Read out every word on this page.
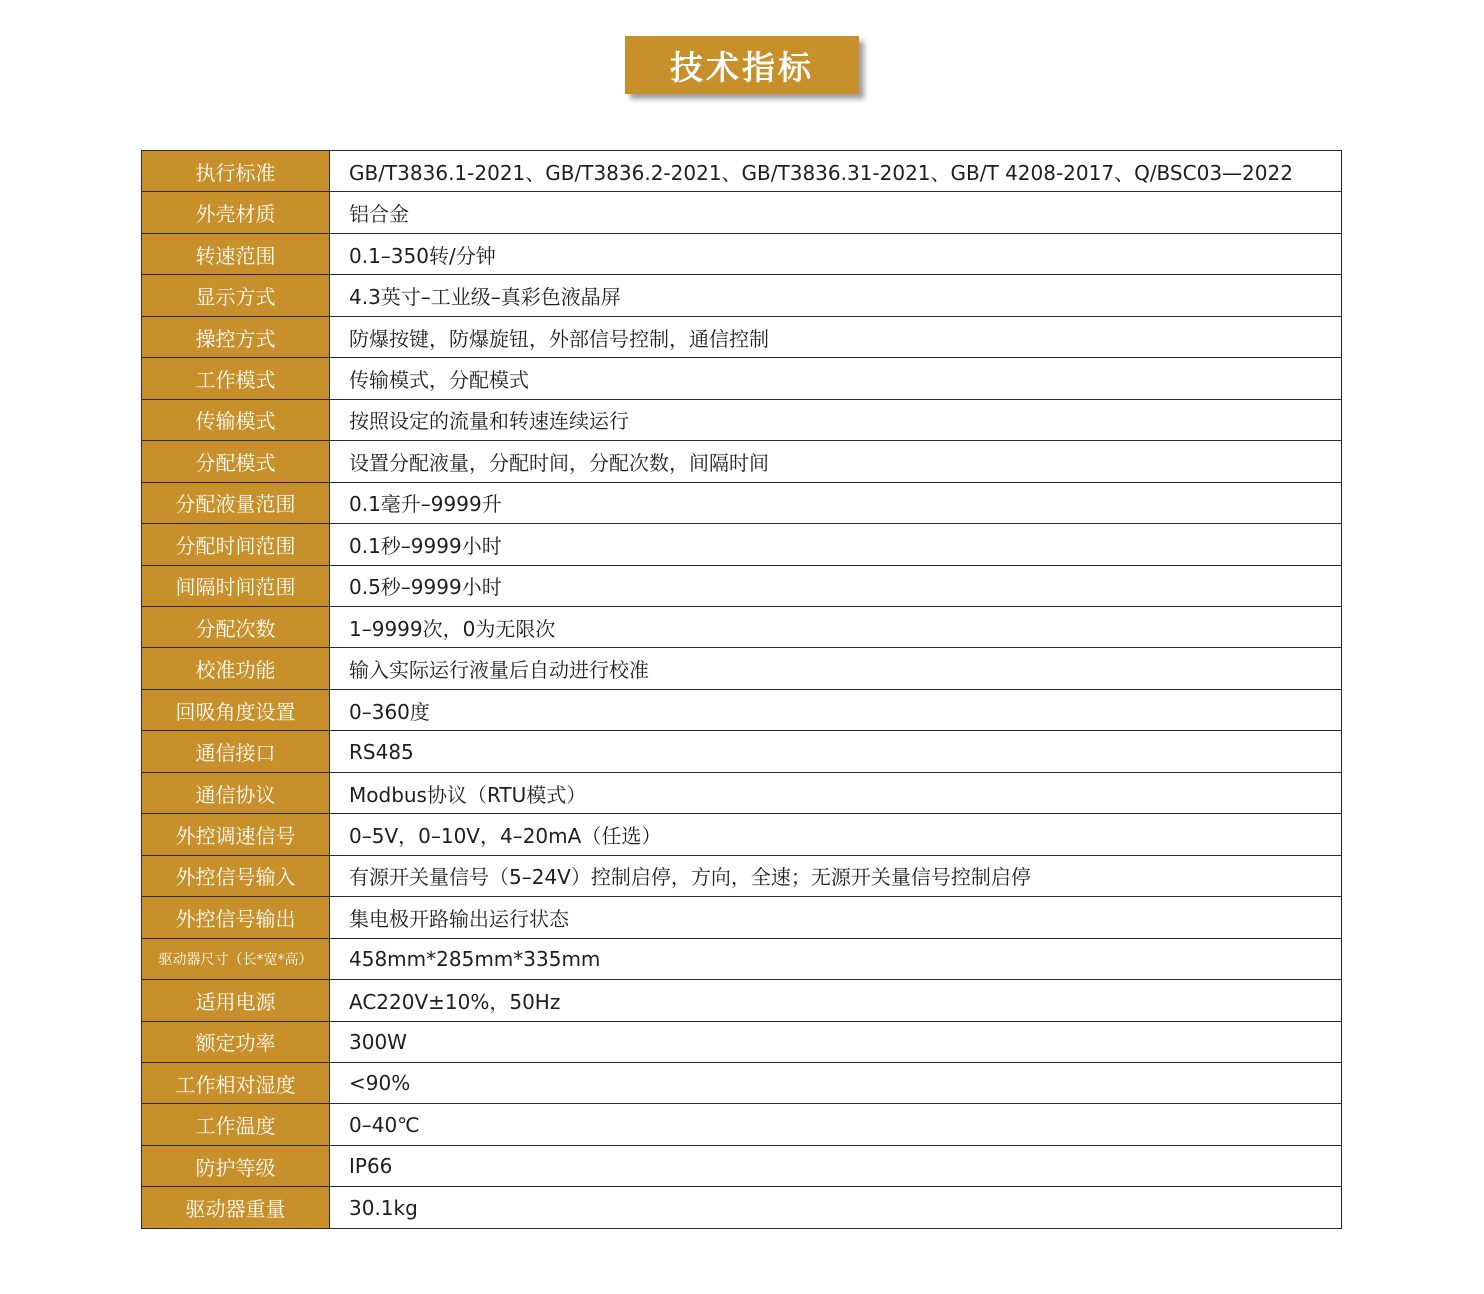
技术指标
执行标准	GB/T3836.1-2021、GB/T3836.2-2021、GB/T3836.31-2021、GB/T 4208-2017、Q/BSC03—2022
外壳材质	铝合金
转速范围	0.1–350转/分钟
显示方式	4.3英寸–工业级–真彩色液晶屏
操控方式	防爆按键，防爆旋钮，外部信号控制，通信控制
工作模式	传输模式，分配模式
传输模式	按照设定的流量和转速连续运行
分配模式	设置分配液量，分配时间，分配次数，间隔时间
分配液量范围	0.1毫升–9999升
分配时间范围	0.1秒–9999小时
间隔时间范围	0.5秒–9999小时
分配次数	1–9999次，0为无限次
校准功能	输入实际运行液量后自动进行校准
回吸角度设置	0–360度
通信接口	RS485
通信协议	Modbus协议（RTU模式）
外控调速信号	0–5V，0–10V，4–20mA（任选）
外控信号输入	有源开关量信号（5–24V）控制启停，方向，全速；无源开关量信号控制启停
外控信号输出	集电极开路输出运行状态
驱动器尺寸（长*宽*高）	458mm*285mm*335mm
适用电源	AC220V±10%，50Hz
额定功率	300W
工作相对湿度	<90%
工作温度	0–40℃
防护等级	IP66
驱动器重量	30.1kg
